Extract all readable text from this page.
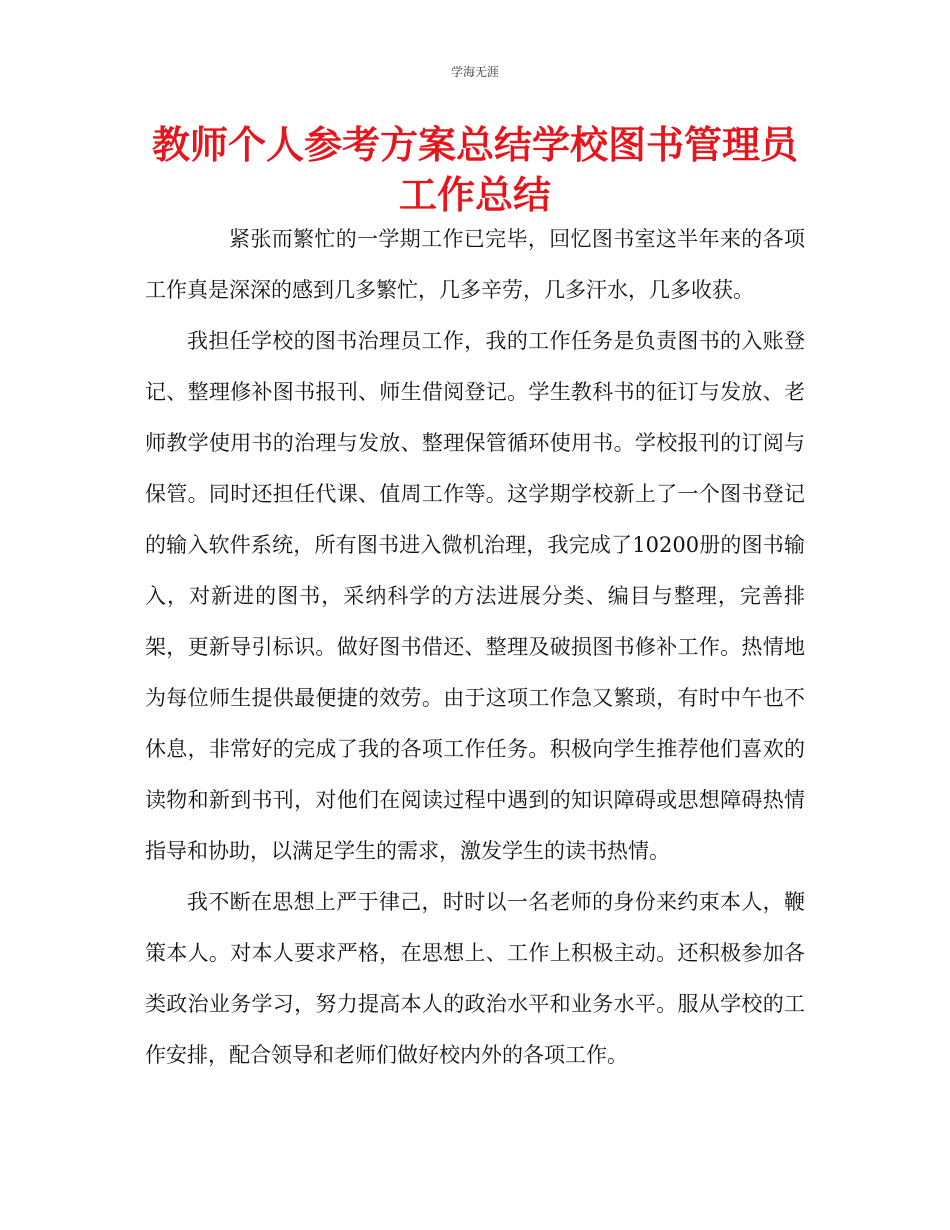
学海无涯
教师个人参考方案总结学校图书管理员工作总结

紧张而繁忙的一学期工作已完毕，回忆图书室这半年来的各项工作真是深深的感到几多繁忙，几多辛劳，几多汗水，几多收获。

我担任学校的图书治理员工作，我的工作任务是负责图书的入账登记、整理修补图书报刊、师生借阅登记。学生教科书的征订与发放、老师教学使用书的治理与发放、整理保管循环使用书。学校报刊的订阅与保管。同时还担任代课、值周工作等。这学期学校新上了一个图书登记的输入软件系统，所有图书进入微机治理，我完成了10200册的图书输入，对新进的图书，采纳科学的方法进展分类、编目与整理，完善排架，更新导引标识。做好图书借还、整理及破损图书修补工作。热情地为每位师生提供最便捷的效劳。由于这项工作急又繁琐，有时中午也不休息，非常好的完成了我的各项工作任务。积极向学生推荐他们喜欢的读物和新到书刊，对他们在阅读过程中遇到的知识障碍或思想障碍热情指导和协助，以满足学生的需求，激发学生的读书热情。

我不断在思想上严于律己，时时以一名老师的身份来约束本人，鞭策本人。对本人要求严格，在思想上、工作上积极主动。还积极参加各类政治业务学习，努力提高本人的政治水平和业务水平。服从学校的工作安排，配合领导和老师们做好校内外的各项工作。
